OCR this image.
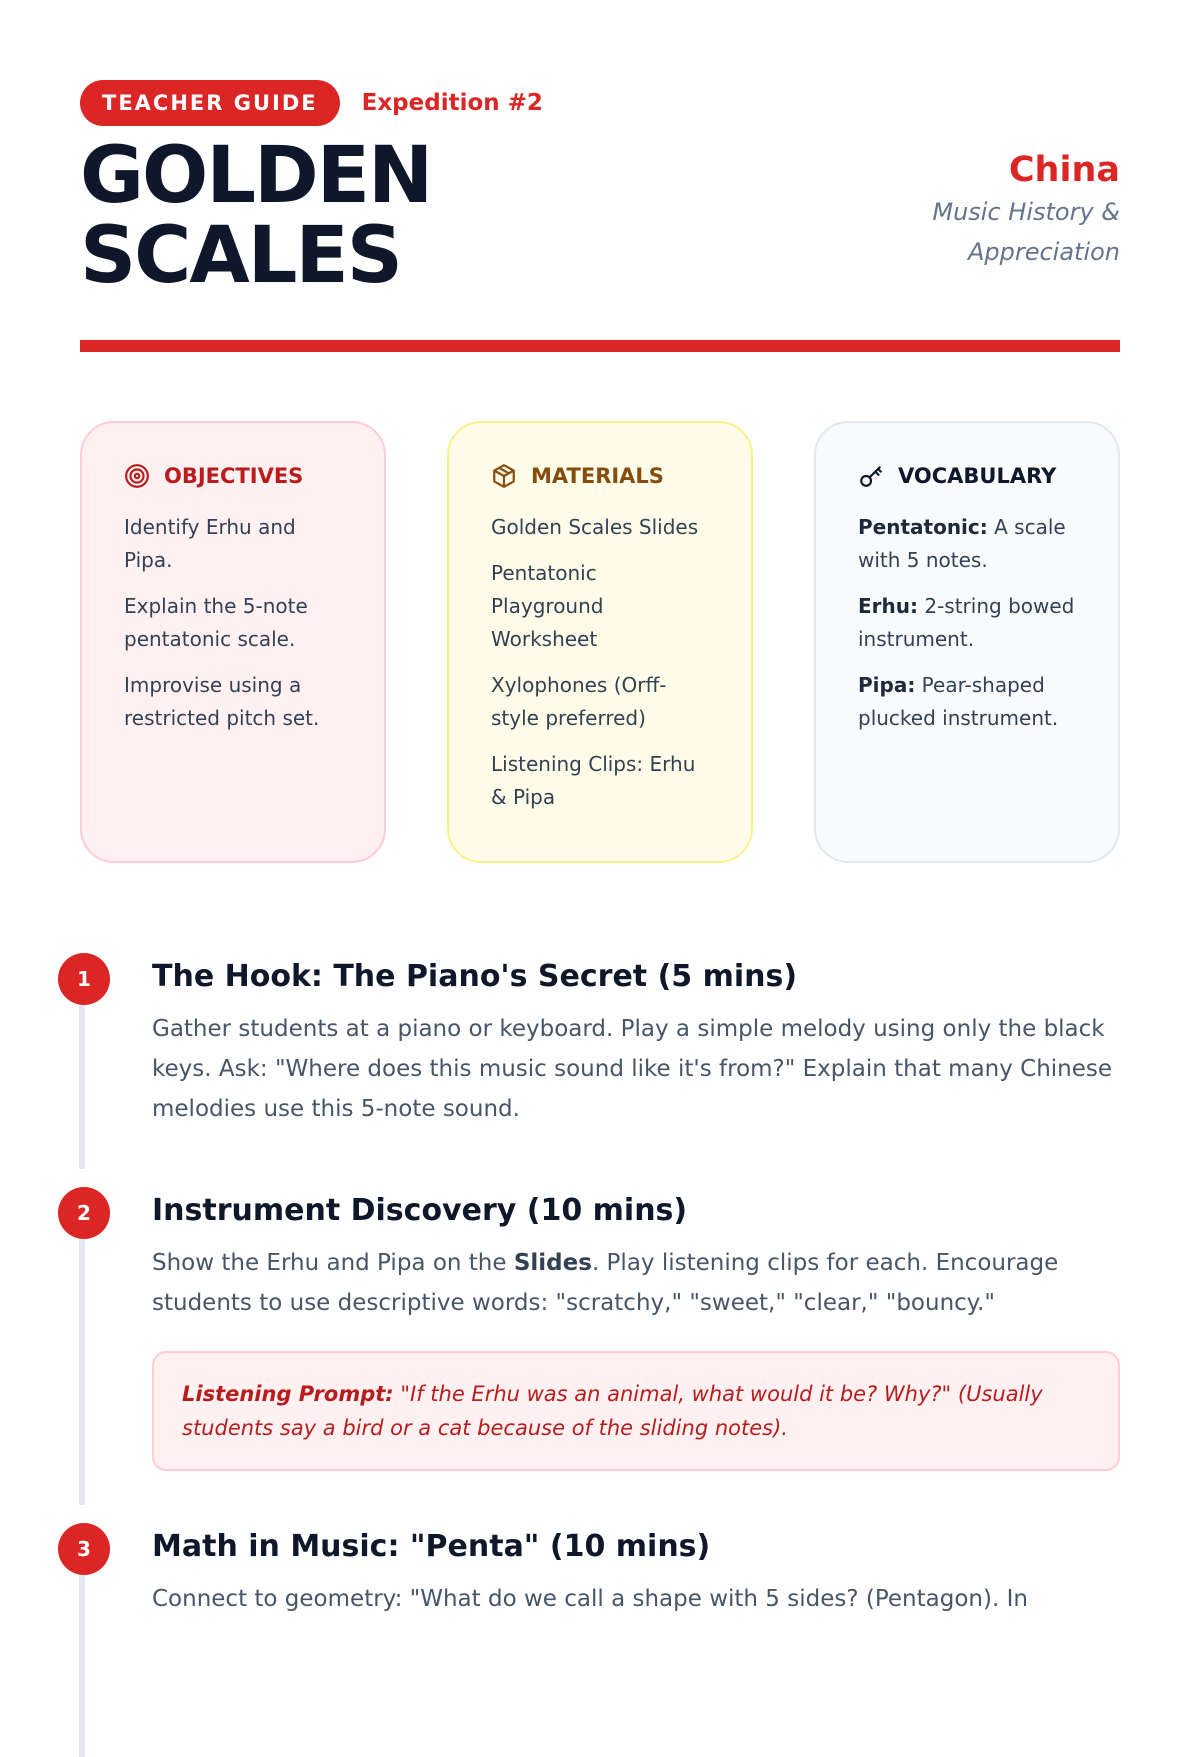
TEACHER GUIDE	Expedition #2
GOLDEN
SCALES
China
Music History & Appreciation
OBJECTIVES
Identify Erhu and Pipa.
Explain the 5-note pentatonic scale.
Improvise using a restricted pitch set.
MATERIALS
Golden Scales Slides
Pentatonic Playground Worksheet
Xylophones (Orff-style preferred)
Listening Clips: Erhu & Pipa
VOCABULARY
Pentatonic: A scale with 5 notes.
Erhu: 2-string bowed instrument.
Pipa: Pear-shaped plucked instrument.
1	The Hook: The Piano's Secret (5 mins)

Gather students at a piano or keyboard. Play a simple melody using only the black keys. Ask: "Where does this music sound like it's from?" Explain that many Chinese melodies use this 5-note sound.

2	Instrument Discovery (10 mins)

Show the Erhu and Pipa on the Slides. Play listening clips for each. Encourage students to use descriptive words: "scratchy," "sweet," "clear," "bouncy."

Listening Prompt: "If the Erhu was an animal, what would it be? Why?" (Usually students say a bird or a cat because of the sliding notes).
3	Math in Music: "Penta" (10 mins)

Connect to geometry: "What do we call a shape with 5 sides? (Pentagon). In
